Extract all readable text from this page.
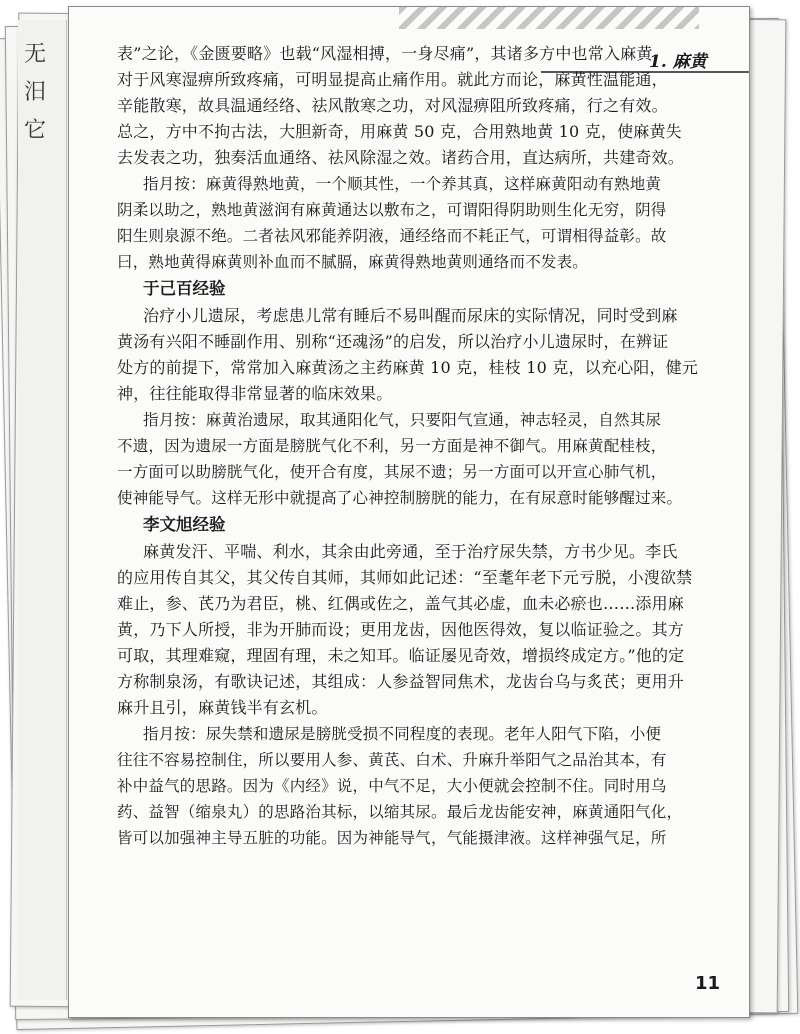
无
汨
它
1. 麻黄
表”之论，《金匮要略》也载“风湿相搏，一身尽痛”，其诸多方中也常入麻黄，
对于风寒湿痹所致疼痛，可明显提高止痛作用。就此方而论，麻黄性温能通，
辛能散寒，故具温通经络、祛风散寒之功，对风湿痹阻所致疼痛，行之有效。
总之，方中不拘古法，大胆新奇，用麻黄 50 克，合用熟地黄 10 克，使麻黄失
去发表之功，独奏活血通络、祛风除湿之效。诸药合用，直达病所，共建奇效。
指月按：麻黄得熟地黄，一个顺其性，一个养其真，这样麻黄阳动有熟地黄
阴柔以助之，熟地黄滋润有麻黄通达以敷布之，可谓阳得阴助则生化无穷，阴得
阳生则泉源不绝。二者祛风邪能养阴液，通经络而不耗正气，可谓相得益彰。故
曰，熟地黄得麻黄则补血而不腻膈，麻黄得熟地黄则通络而不发表。
于己百经验
治疗小儿遗尿，考虑患儿常有睡后不易叫醒而尿床的实际情况，同时受到麻
黄汤有兴阳不睡副作用、别称“还魂汤”的启发，所以治疗小儿遗尿时，在辨证
处方的前提下，常常加入麻黄汤之主药麻黄 10 克，桂枝 10 克，以充心阳，健元
神，往往能取得非常显著的临床效果。
指月按：麻黄治遗尿，取其通阳化气，只要阳气宣通，神志轻灵，自然其尿
不遗，因为遗尿一方面是膀胱气化不利，另一方面是神不御气。用麻黄配桂枝，
一方面可以助膀胱气化，使开合有度，其尿不遗；另一方面可以开宣心肺气机，
使神能导气。这样无形中就提高了心神控制膀胱的能力，在有尿意时能够醒过来。
李文旭经验
麻黄发汗、平喘、利水，其余由此旁通，至于治疗尿失禁，方书少见。李氏
的应用传自其父，其父传自其师，其师如此记述：“至耄年老下元亏脱，小溲欲禁
难止，参、芪乃为君臣，桃、红偶或佐之，盖气其必虚，血未必瘀也……添用麻
黄，乃下人所授，非为开肺而设；更用龙齿，因他医得效，复以临证验之。其方
可取，其理难窥，理固有理，未之知耳。临证屡见奇效，增损终成定方。”他的定
方称制泉汤，有歌诀记述，其组成：人参益智同焦术，龙齿台乌与炙芪；更用升
麻升且引，麻黄钱半有玄机。
指月按：尿失禁和遗尿是膀胱受损不同程度的表现。老年人阳气下陷，小便
往往不容易控制住，所以要用人参、黄芪、白术、升麻升举阳气之品治其本，有
补中益气的思路。因为《内经》说，中气不足，大小便就会控制不住。同时用乌
药、益智（缩泉丸）的思路治其标，以缩其尿。最后龙齿能安神，麻黄通阳气化，
皆可以加强神主导五脏的功能。因为神能导气，气能摄津液。这样神强气足，所
11
